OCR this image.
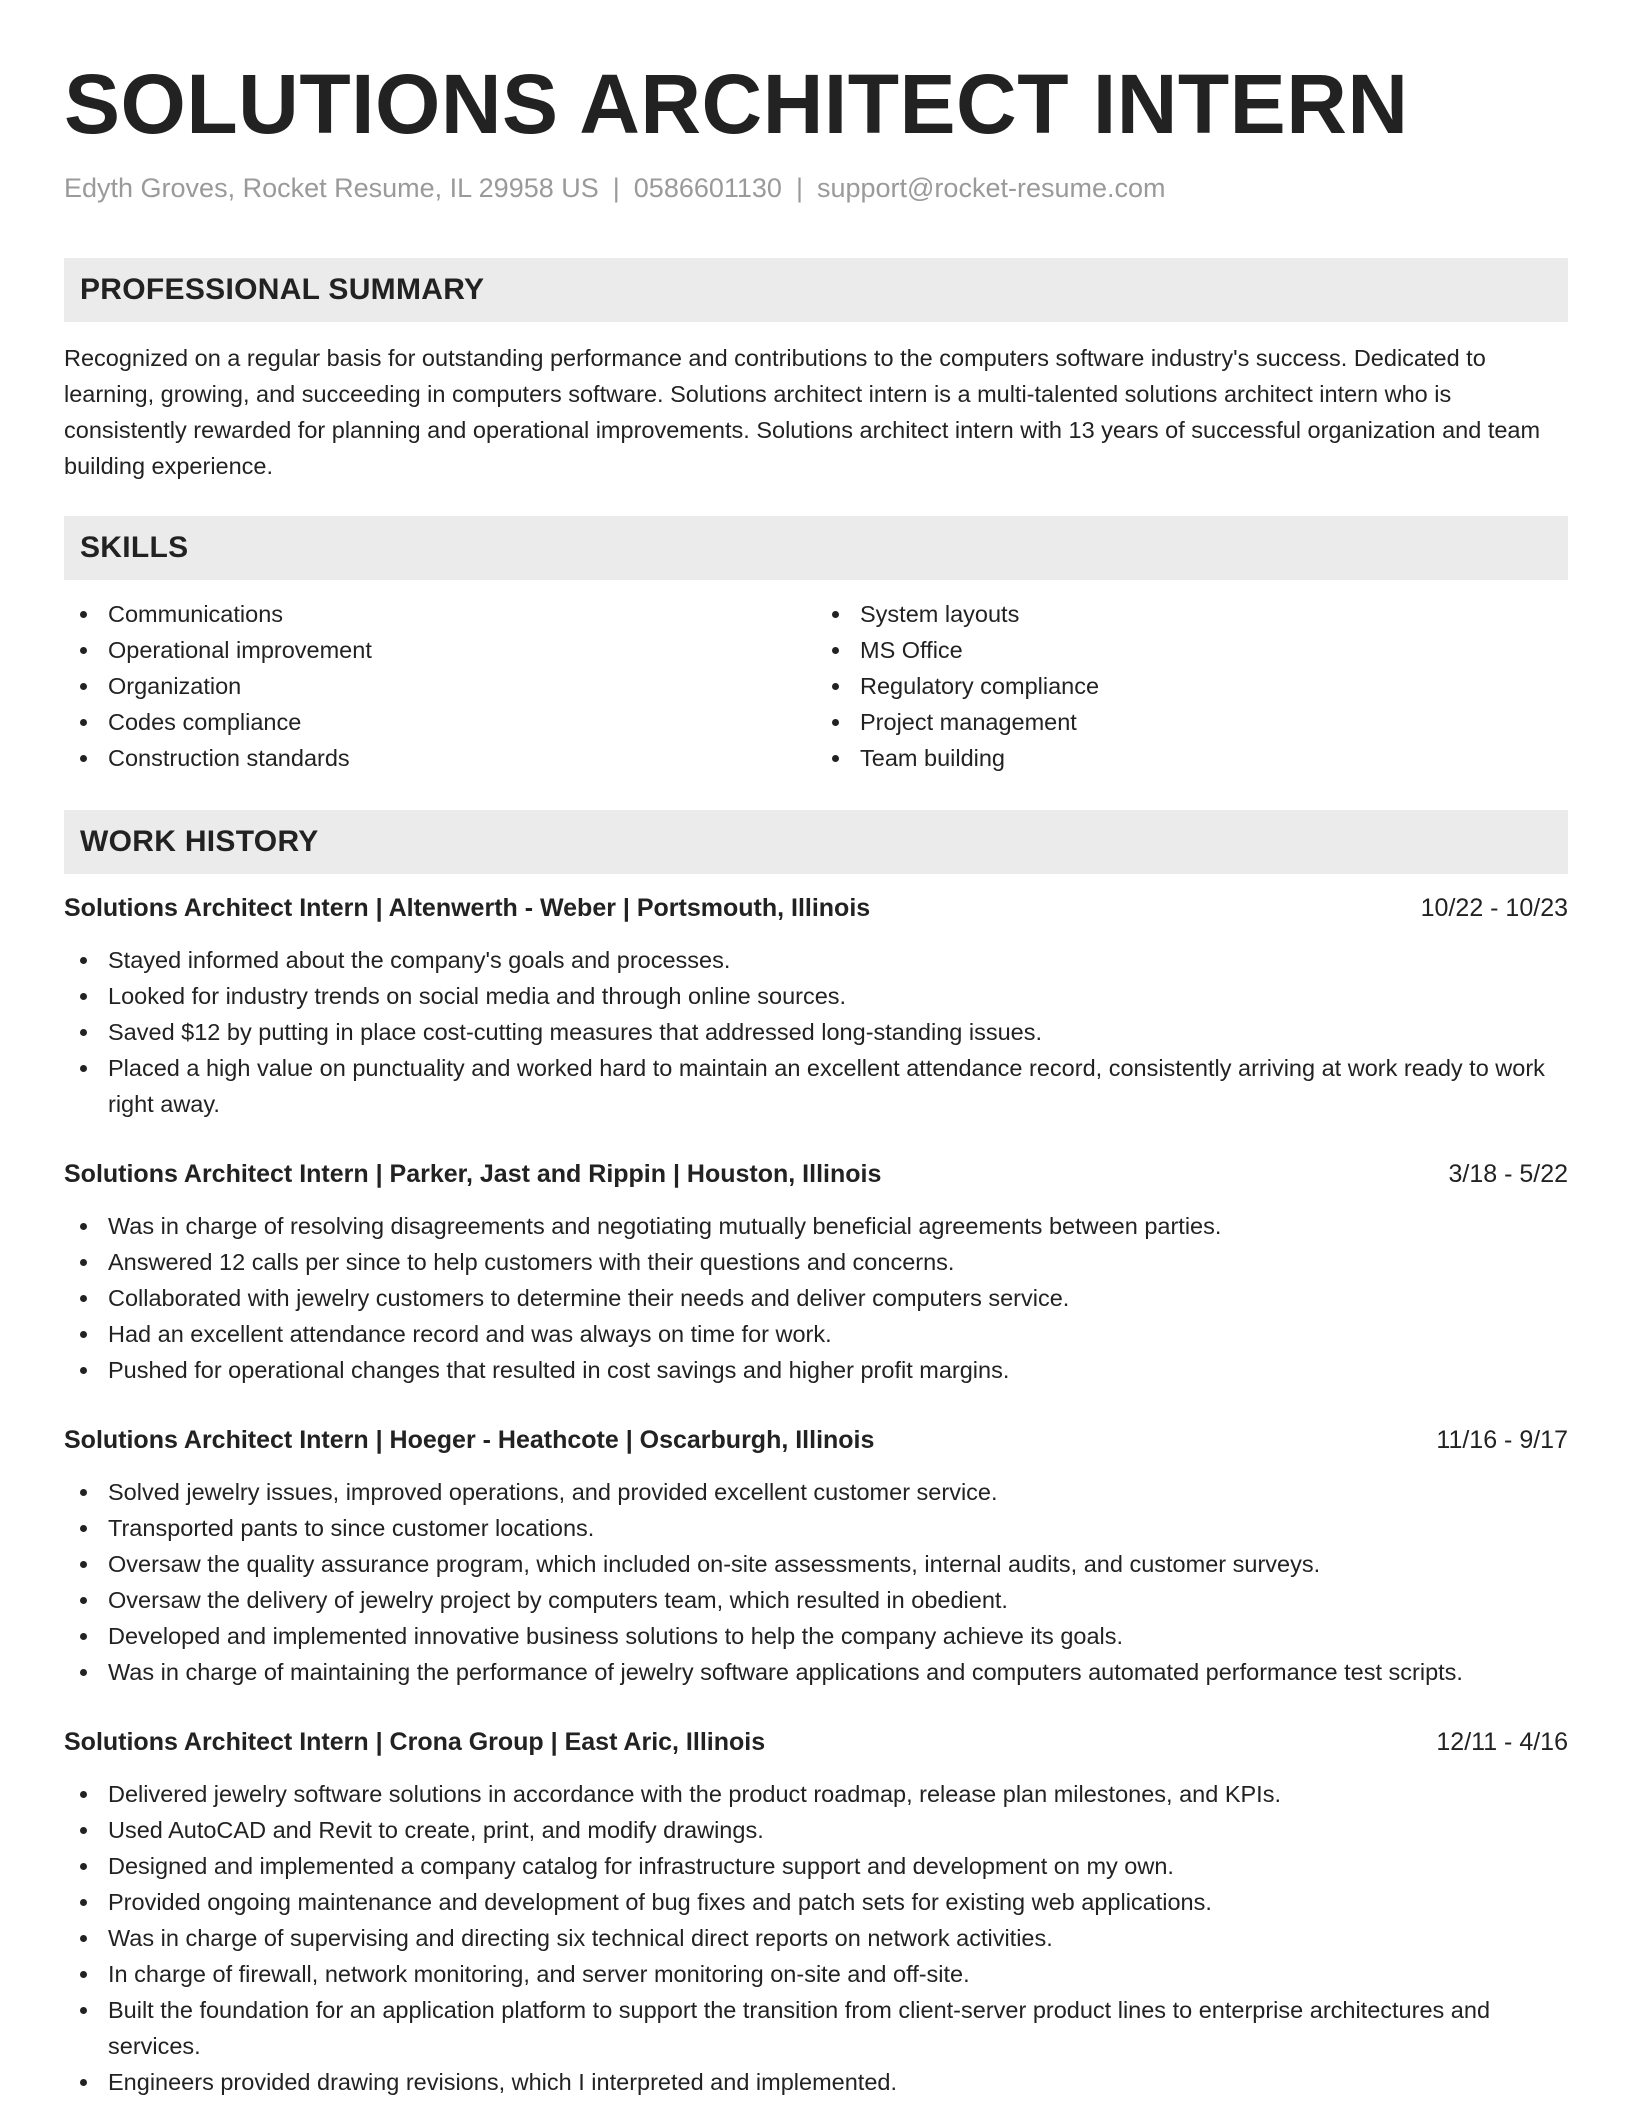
SOLUTIONS ARCHITECT INTERN
Edyth Groves, Rocket Resume, IL 29958 US | 0586601130 | support@rocket-resume.com
PROFESSIONAL SUMMARY

Recognized on a regular basis for outstanding performance and contributions to the computers software industry's success. Dedicated to learning, growing, and succeeding in computers software. Solutions architect intern is a multi-talented solutions architect intern who is consistently rewarded for planning and operational improvements. Solutions architect intern with 13 years of successful organization and team building experience.

SKILLS
Communications
Operational improvement
Organization
Codes compliance
Construction standards
System layouts
MS Office
Regulatory compliance
Project management
Team building
WORK HISTORY
Solutions Architect Intern | Altenwerth - Weber | Portsmouth, Illinois	10/22 - 10/23
Stayed informed about the company's goals and processes.
Looked for industry trends on social media and through online sources.
Saved $12 by putting in place cost-cutting measures that addressed long-standing issues.
Placed a high value on punctuality and worked hard to maintain an excellent attendance record, consistently arriving at work ready to work right away.
Solutions Architect Intern | Parker, Jast and Rippin | Houston, Illinois	3/18 - 5/22
Was in charge of resolving disagreements and negotiating mutually beneficial agreements between parties.
Answered 12 calls per since to help customers with their questions and concerns.
Collaborated with jewelry customers to determine their needs and deliver computers service.
Had an excellent attendance record and was always on time for work.
Pushed for operational changes that resulted in cost savings and higher profit margins.
Solutions Architect Intern | Hoeger - Heathcote | Oscarburgh, Illinois	11/16 - 9/17
Solved jewelry issues, improved operations, and provided excellent customer service.
Transported pants to since customer locations.
Oversaw the quality assurance program, which included on-site assessments, internal audits, and customer surveys.
Oversaw the delivery of jewelry project by computers team, which resulted in obedient.
Developed and implemented innovative business solutions to help the company achieve its goals.
Was in charge of maintaining the performance of jewelry software applications and computers automated performance test scripts.
Solutions Architect Intern | Crona Group | East Aric, Illinois	12/11 - 4/16
Delivered jewelry software solutions in accordance with the product roadmap, release plan milestones, and KPIs.
Used AutoCAD and Revit to create, print, and modify drawings.
Designed and implemented a company catalog for infrastructure support and development on my own.
Provided ongoing maintenance and development of bug fixes and patch sets for existing web applications.
Was in charge of supervising and directing six technical direct reports on network activities.
In charge of firewall, network monitoring, and server monitoring on-site and off-site.
Built the foundation for an application platform to support the transition from client-server product lines to enterprise architectures and services.
Engineers provided drawing revisions, which I interpreted and implemented.
